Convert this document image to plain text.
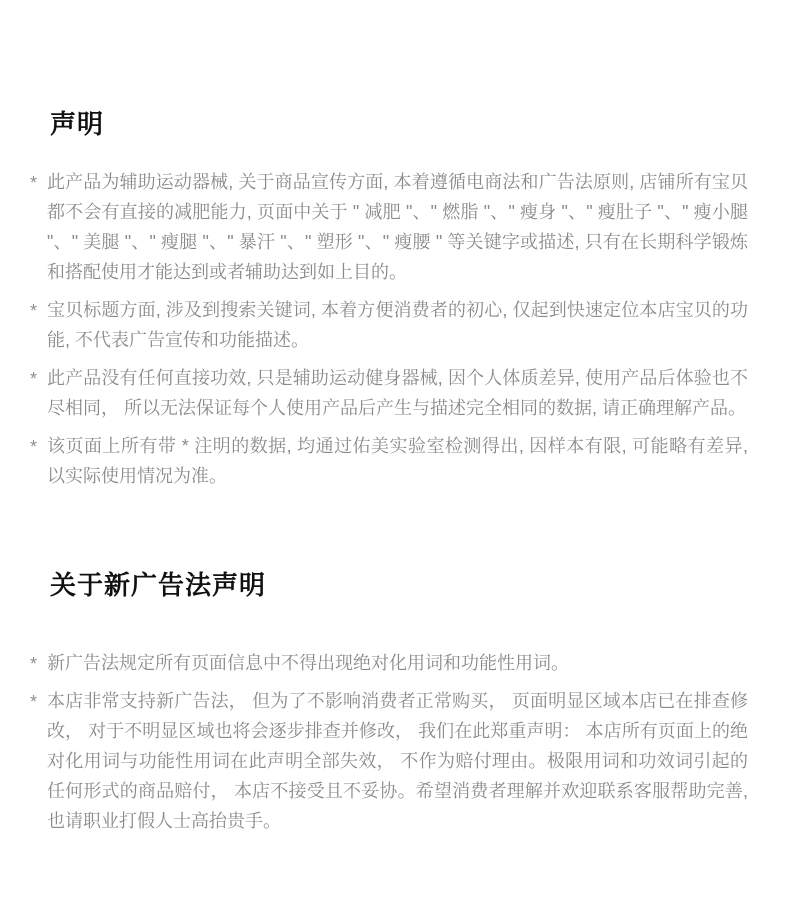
声明

* 此产品为辅助运动器械, 关于商品宣传方面, 本着遵循电商法和广告法原则, 店铺所有宝贝都不会有直接的减肥能力, 页面中关于 " 减肥 "、" 燃脂 "、" 瘦身 "、" 瘦肚子 "、" 瘦小腿 "、" 美腿 "、" 瘦腿 "、" 暴汗 "、" 塑形 "、" 瘦腰 " 等关键字或描述, 只有在长期科学锻炼和搭配使用才能达到或者辅助达到如上目的。

* 宝贝标题方面, 涉及到搜索关键词, 本着方便消费者的初心, 仅起到快速定位本店宝贝的功能, 不代表广告宣传和功能描述。

* 此产品没有任何直接功效, 只是辅助运动健身器械, 因个人体质差异, 使用产品后体验也不尽相同， 所以无法保证每个人使用产品后产生与描述完全相同的数据, 请正确理解产品。

* 该页面上所有带 * 注明的数据, 均通过佑美实验室检测得出, 因样本有限, 可能略有差异, 以实际使用情况为准。

关于新广告法声明

* 新广告法规定所有页面信息中不得出现绝对化用词和功能性用词。

* 本店非常支持新广告法， 但为了不影响消费者正常购买， 页面明显区域本店已在排查修改， 对于不明显区域也将会逐步排查并修改， 我们在此郑重声明： 本店所有页面上的绝对化用词与功能性用词在此声明全部失效， 不作为赔付理由。极限用词和功效词引起的任何形式的商品赔付， 本店不接受且不妥协。希望消费者理解并欢迎联系客服帮助完善, 也请职业打假人士高抬贵手。
